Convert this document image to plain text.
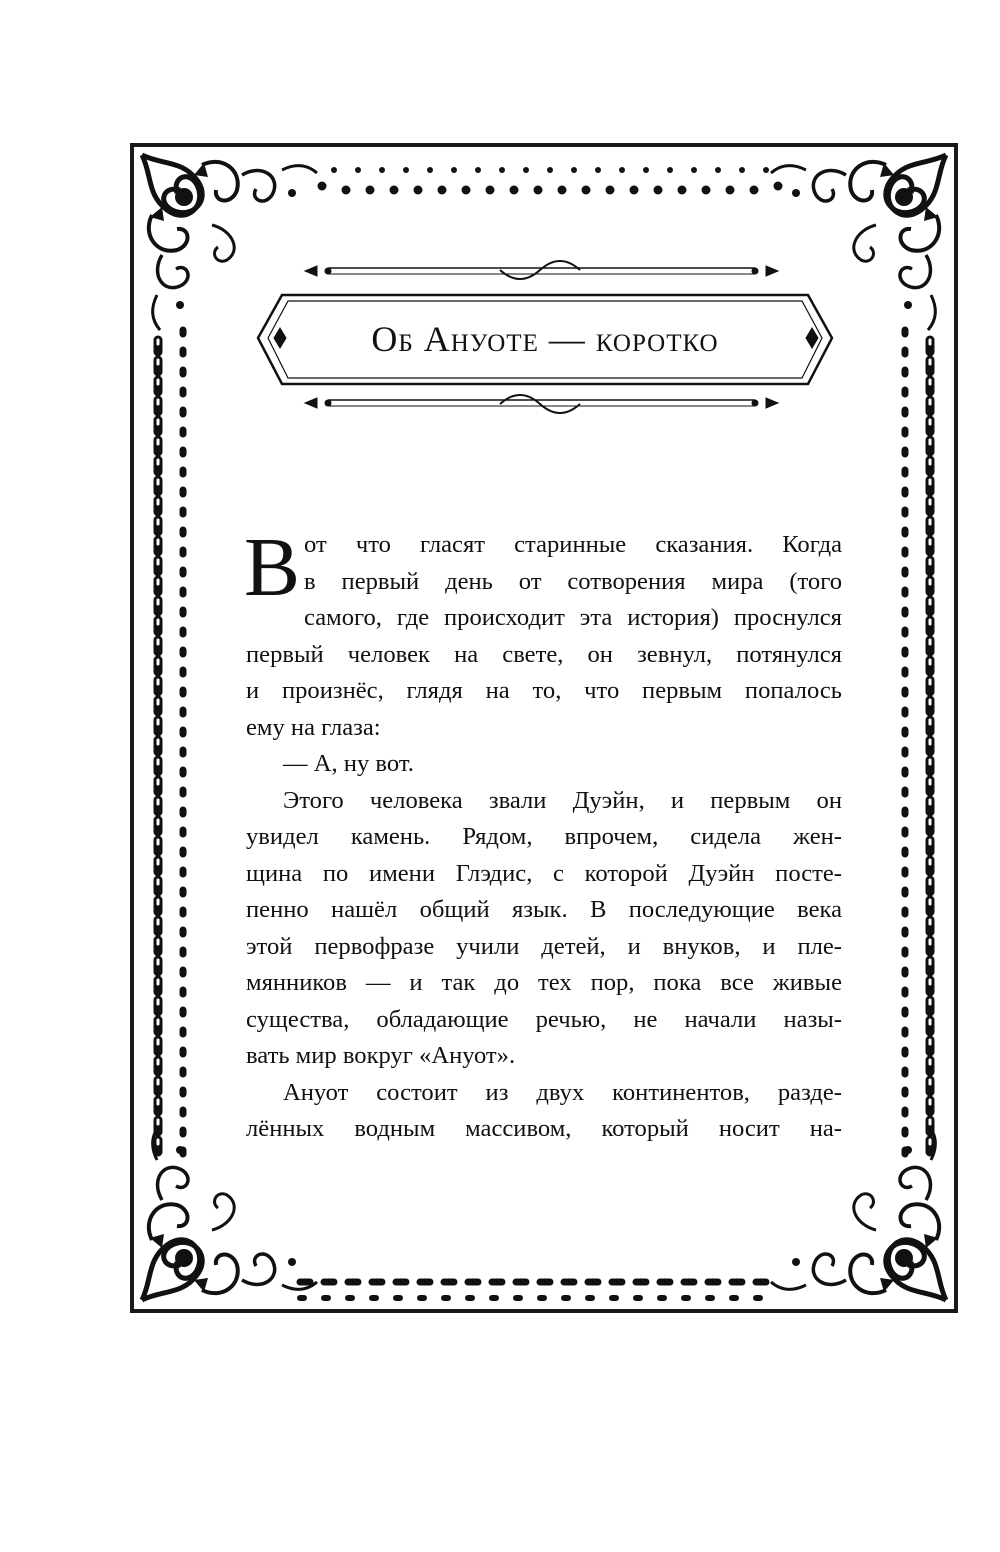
Об Ануоте — коротко

В от что гласят старинные сказания. Когда
в первый день от сотворения мира (того
самого, где происходит эта история) проснулся
первый человек на свете, он зевнул, потянулся
и произнёс, глядя на то, что первым попалось
ему на глаза:

— А, ну вот.

Этого человека звали Дуэйн, и первым он
увидел камень. Рядом, впрочем, сидела жен-
щина по имени Глэдис, с которой Дуэйн посте-
пенно нашёл общий язык. В последующие века
этой первофразе учили детей, и внуков, и пле-
мянников — и так до тех пор, пока все живые
существа, обладающие речью, не начали назы-
вать мир вокруг «Ануот».

Ануот состоит из двух континентов, разде-
лённых водным массивом, который носит на-
